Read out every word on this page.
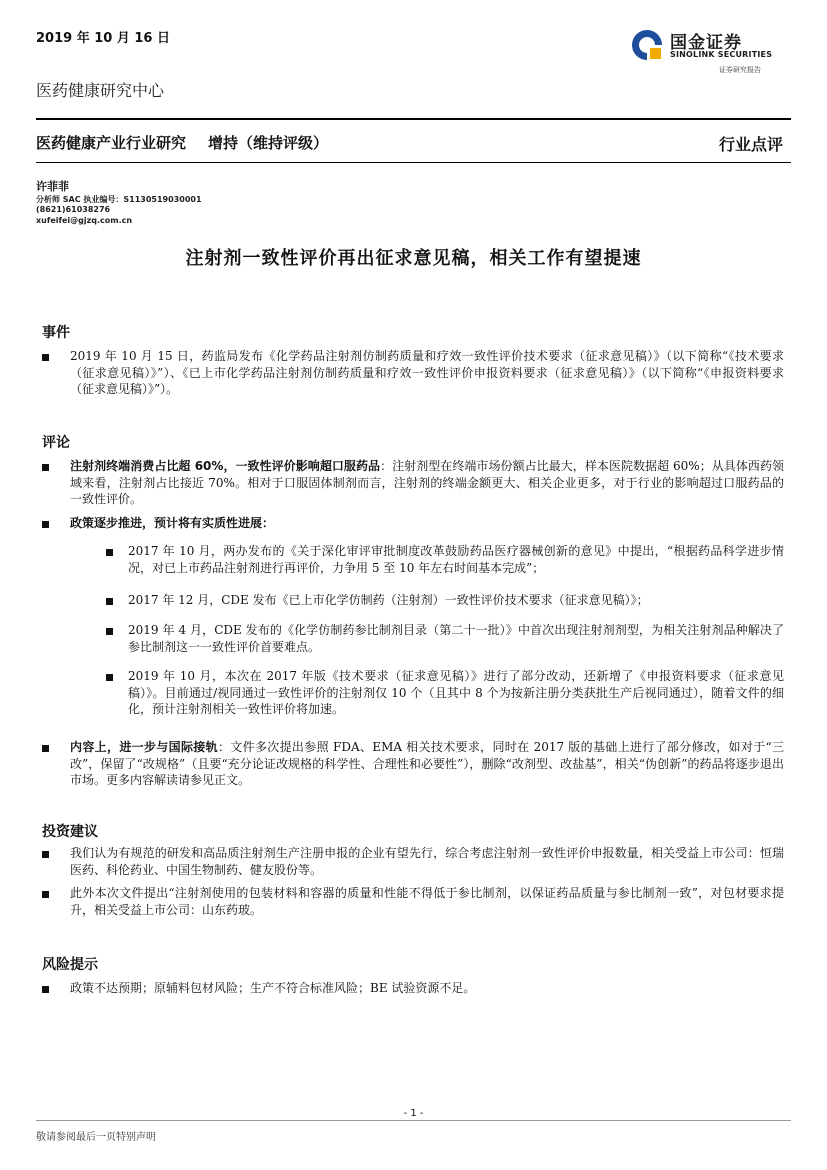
2019 年 10 月 16 日	国金证券
SINOLINK SECURITIES
证券研究报告
医药健康研究中心
医药健康产业行业研究 增持（维持评级）	行业点评
许菲菲
分析师 SAC 执业编号：S1130519030001
(8621)61038276
xufeifei@gjzq.com.cn
注射剂一致性评价再出征求意见稿，相关工作有望提速
事件
2019 年 10 月 15 日，药监局发布《化学药品注射剂仿制药质量和疗效一致性评价技术要求（征求意见稿）》（以下简称“《技术要求（征求意见稿）》”）、《已上市化学药品注射剂仿制药质量和疗效一致性评价申报资料要求（征求意见稿）》（以下简称“《申报资料要求（征求意见稿）》”）。
评论
注射剂终端消费占比超 60%，一致性评价影响超口服药品：注射剂型在终端市场份额占比最大，样本医院数据超 60%；从具体西药领域来看，注射剂占比接近 70%。相对于口服固体制剂而言，注射剂的终端金额更大、相关企业更多，对于行业的影响超过口服药品的一致性评价。
政策逐步推进，预计将有实质性进展：
2017 年 10 月，两办发布的《关于深化审评审批制度改革鼓励药品医疗器械创新的意见》中提出，“根据药品科学进步情况，对已上市药品注射剂进行再评价，力争用 5 至 10 年左右时间基本完成”；
2017 年 12 月，CDE 发布《已上市化学仿制药（注射剂）一致性评价技术要求（征求意见稿）》；
2019 年 4 月，CDE 发布的《化学仿制药参比制剂目录（第二十一批）》中首次出现注射剂剂型，为相关注射剂品种解决了参比制剂这一一致性评价首要难点。
2019 年 10 月，本次在 2017 年版《技术要求（征求意见稿）》进行了部分改动，还新增了《申报资料要求（征求意见稿）》。目前通过/视同通过一致性评价的注射剂仅 10 个（且其中 8 个为按新注册分类获批生产后视同通过），随着文件的细化，预计注射剂相关一致性评价将加速。
内容上，进一步与国际接轨：文件多次提出参照 FDA、EMA 相关技术要求，同时在 2017 版的基础上进行了部分修改，如对于“三改”，保留了“改规格”（且要“充分论证改规格的科学性、合理性和必要性”），删除“改剂型、改盐基”，相关“伪创新”的药品将逐步退出市场。更多内容解读请参见正文。
投资建议
我们认为有规范的研发和高品质注射剂生产注册申报的企业有望先行，综合考虑注射剂一致性评价申报数量，相关受益上市公司：恒瑞医药、科伦药业、中国生物制药、健友股份等。
此外本次文件提出“注射剂使用的包装材料和容器的质量和性能不得低于参比制剂，以保证药品质量与参比制剂一致”，对包材要求提升，相关受益上市公司：山东药玻。
风险提示
政策不达预期；原辅料包材风险；生产不符合标准风险；BE 试验资源不足。
- 1 -
敬请参阅最后一页特别声明
